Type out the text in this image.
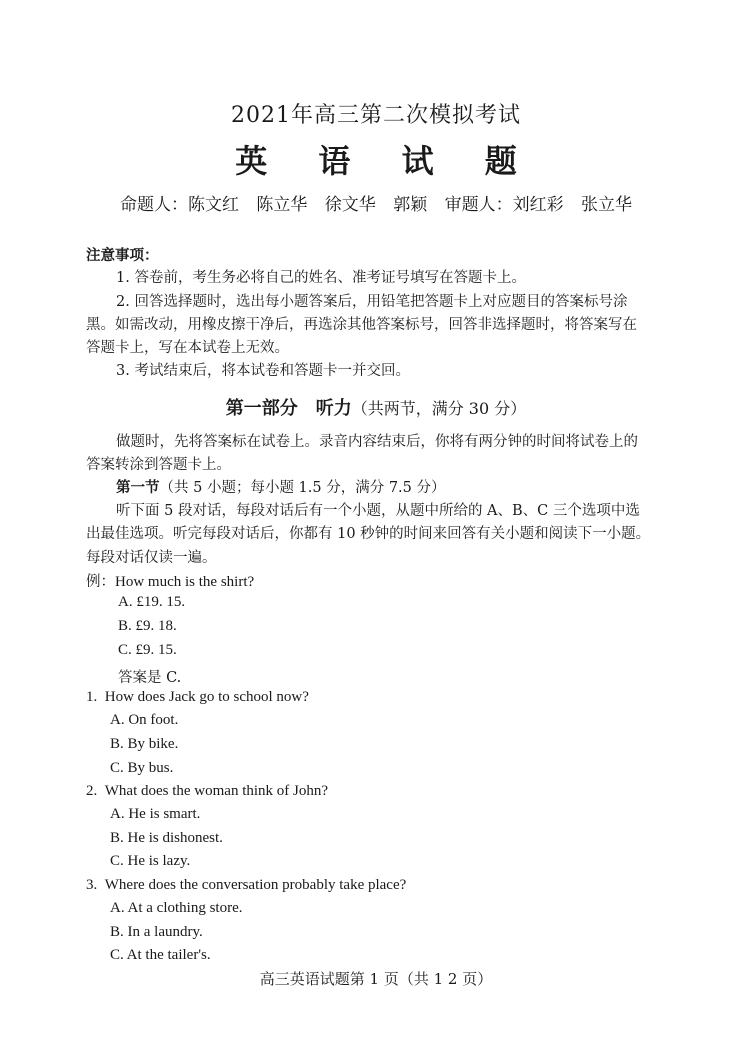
2021年高三第二次模拟考试
英 语 试 题
命题人：陈文红 陈立华 徐文华 郭颖 审题人：刘红彩 张立华
注意事项：
1. 答卷前，考生务必将自己的姓名、准考证号填写在答题卡上。
2. 回答选择题时，选出每小题答案后，用铅笔把答题卡上对应题目的答案标号涂
黑。如需改动，用橡皮擦干净后，再选涂其他答案标号，回答非选择题时，将答案写在
答题卡上，写在本试卷上无效。
3. 考试结束后，将本试卷和答题卡一并交回。
第一部分　听力（共两节，满分 30 分）
做题时，先将答案标在试卷上。录音内容结束后，你将有两分钟的时间将试卷上的
答案转涂到答题卡上。
第一节（共 5 小题；每小题 1.5 分，满分 7.5 分）
听下面 5 段对话，每段对话后有一个小题，从题中所给的 A、B、C 三个选项中选
出最佳选项。听完每段对话后，你都有 10 秒钟的时间来回答有关小题和阅读下一小题。
每段对话仅读一遍。
例：How much is the shirt?
A. £19. 15.
B. £9. 18.
C. £9. 15.
答案是 C.
1. How does Jack go to school now?
A. On foot.
B. By bike.
C. By bus.
2. What does the woman think of John?
A. He is smart.
B. He is dishonest.
C. He is lazy.
3. Where does the conversation probably take place?
A. At a clothing store.
B. In a laundry.
C. At the tailer's.
高三英语试题第 1 页（共 1 2 页）
